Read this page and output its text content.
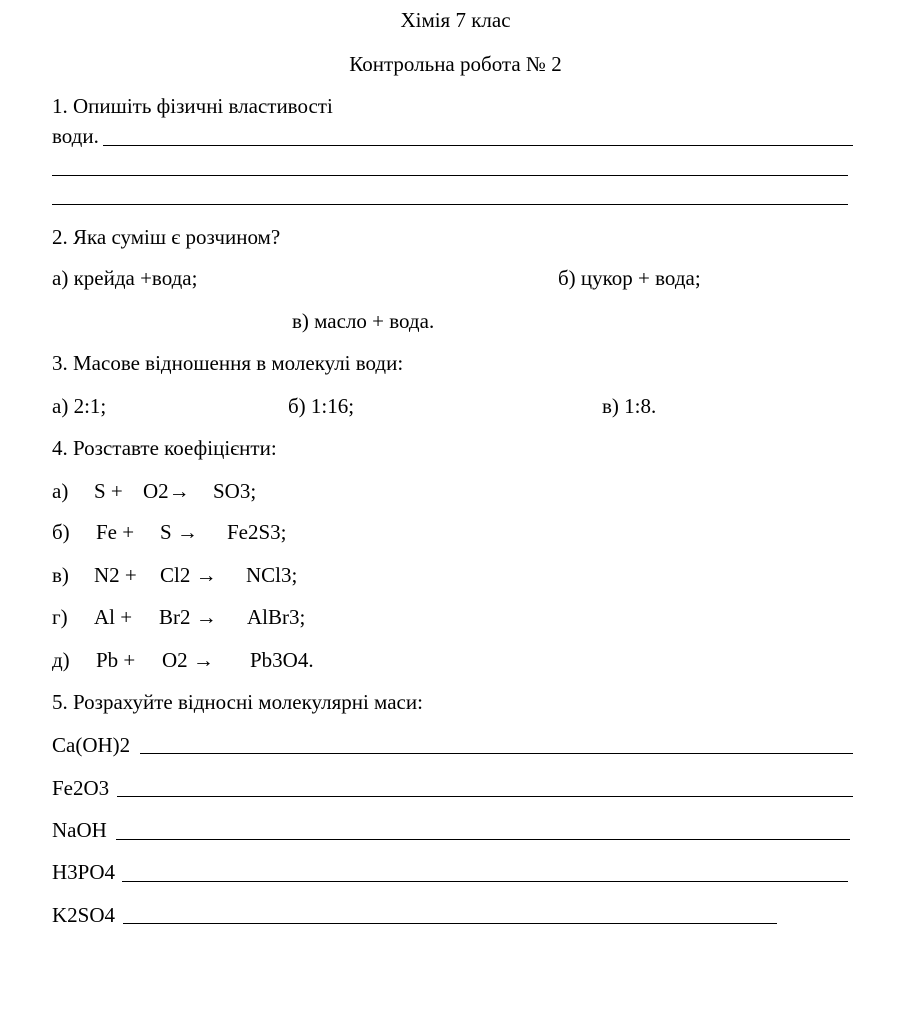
Хімія 7 клас
Контрольна робота № 2
1. Опишіть фізичні властивості
води.
2. Яка суміш є розчином?
а) крейда +вода;	б) цукор + вода;
в) масло + вода.
3. Масове відношення в молекулі води:
а) 2:1;	б) 1:16;	в) 1:8.
4. Розставте коефіцієнти:
а) S + O2→ SO3;
б) Fe + S → Fe2S3;
в) N2 + Cl2 → NCl3;
г) Al + Br2 → AlBr3;
д) Pb + O2 → Pb3O4.
5. Розрахуйте відносні молекулярні маси:
Ca(OH)2
Fe2O3
NaOH
H3PO4
K2SO4
